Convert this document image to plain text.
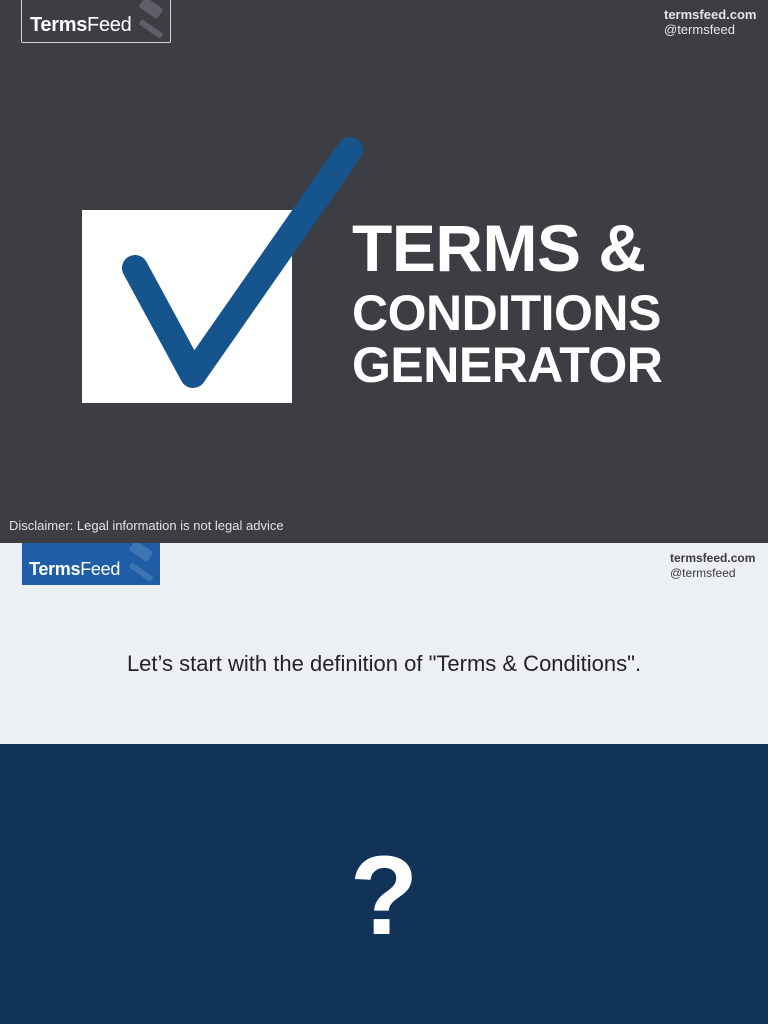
TermsFeed	termsfeed.com
@termsfeed
TERMS &
CONDITIONS
GENERATOR
Disclaimer: Legal information is not legal advice
TermsFeed
termsfeed.com
@termsfeed
Let’s start with the definition of "Terms & Conditions".
?
